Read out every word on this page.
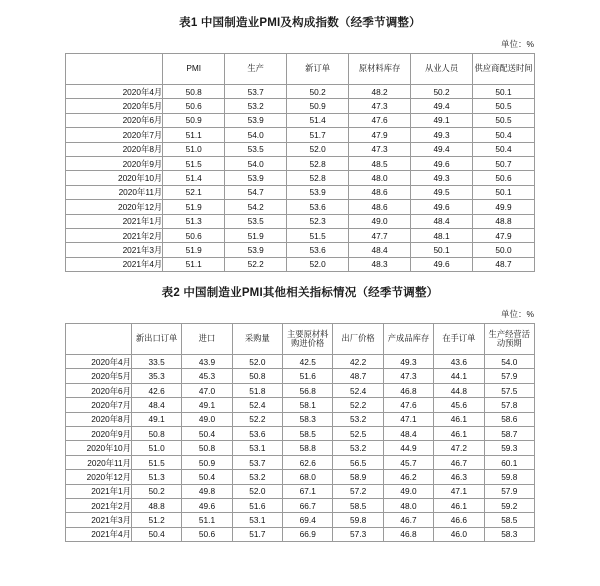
表1 中国制造业PMI及构成指数（经季节调整）
单位：%
	PMI	生产	新订单	原材料库存	从业人员	供应商配送时间
2020年4月	50.8	53.7	50.2	48.2	50.2	50.1
2020年5月	50.6	53.2	50.9	47.3	49.4	50.5
2020年6月	50.9	53.9	51.4	47.6	49.1	50.5
2020年7月	51.1	54.0	51.7	47.9	49.3	50.4
2020年8月	51.0	53.5	52.0	47.3	49.4	50.4
2020年9月	51.5	54.0	52.8	48.5	49.6	50.7
2020年10月	51.4	53.9	52.8	48.0	49.3	50.6
2020年11月	52.1	54.7	53.9	48.6	49.5	50.1
2020年12月	51.9	54.2	53.6	48.6	49.6	49.9
2021年1月	51.3	53.5	52.3	49.0	48.4	48.8
2021年2月	50.6	51.9	51.5	47.7	48.1	47.9
2021年3月	51.9	53.9	53.6	48.4	50.1	50.0
2021年4月	51.1	52.2	52.0	48.3	49.6	48.7
表2 中国制造业PMI其他相关指标情况（经季节调整）
单位：%
	新出口订单	进口	采购量	主要原材料购进价格	出厂价格	产成品库存	在手订单	生产经营活动预期
2020年4月	33.5	43.9	52.0	42.5	42.2	49.3	43.6	54.0
2020年5月	35.3	45.3	50.8	51.6	48.7	47.3	44.1	57.9
2020年6月	42.6	47.0	51.8	56.8	52.4	46.8	44.8	57.5
2020年7月	48.4	49.1	52.4	58.1	52.2	47.6	45.6	57.8
2020年8月	49.1	49.0	52.2	58.3	53.2	47.1	46.1	58.6
2020年9月	50.8	50.4	53.6	58.5	52.5	48.4	46.1	58.7
2020年10月	51.0	50.8	53.1	58.8	53.2	44.9	47.2	59.3
2020年11月	51.5	50.9	53.7	62.6	56.5	45.7	46.7	60.1
2020年12月	51.3	50.4	53.2	68.0	58.9	46.2	46.3	59.8
2021年1月	50.2	49.8	52.0	67.1	57.2	49.0	47.1	57.9
2021年2月	48.8	49.6	51.6	66.7	58.5	48.0	46.1	59.2
2021年3月	51.2	51.1	53.1	69.4	59.8	46.7	46.6	58.5
2021年4月	50.4	50.6	51.7	66.9	57.3	46.8	46.0	58.3
